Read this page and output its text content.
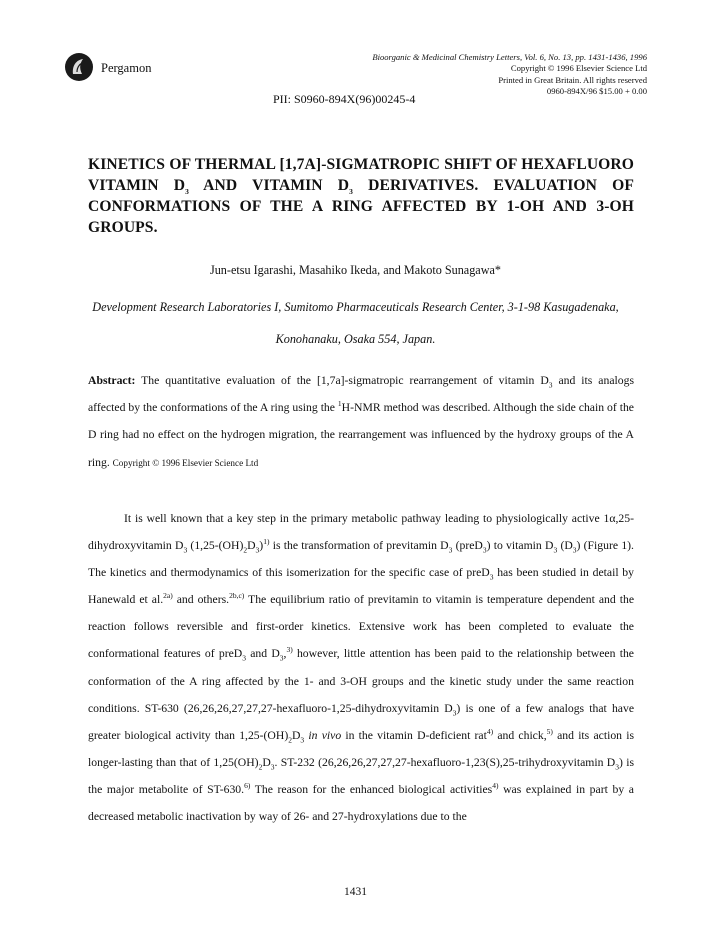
Pergamon
Bioorganic & Medicinal Chemistry Letters, Vol. 6, No. 13, pp. 1431-1436, 1996
Copyright © 1996 Elsevier Science Ltd
Printed in Great Britain. All rights reserved
0960-894X/96 $15.00 + 0.00
PII: S0960-894X(96)00245-4
KINETICS OF THERMAL [1,7A]-SIGMATROPIC SHIFT OF HEXAFLUORO VITAMIN $D_3$ AND VITAMIN $D_3$ DERIVATIVES. EVALUATION OF CONFORMATIONS OF THE A RING AFFECTED BY 1-OH AND 3-OH GROUPS.
Jun-etsu Igarashi, Masahiko Ikeda, and Makoto Sunagawa*
Development Research Laboratories I, Sumitomo Pharmaceuticals Research Center, 3-1-98 Kasugadenaka,
Konohanaku, Osaka 554, Japan.
Abstract: The quantitative evaluation of the [1,7a]-sigmatropic rearrangement of vitamin $D_3$ and its analogs affected by the conformations of the A ring using the $^1$H-NMR method was described. Although the side chain of the D ring had no effect on the hydrogen migration, the rearrangement was influenced by the hydroxy groups of the A ring. Copyright © 1996 Elsevier Science Ltd
It is well known that a key step in the primary metabolic pathway leading to physiologically active 1α,25-dihydroxyvitamin $D_3$ $(1,25-(OH)_2D_3)^{1)}$ is the transformation of previtamin $D_3$ (preD$_3$) to vitamin $D_3$ $(D_3)$ (Figure 1). The kinetics and thermodynamics of this isomerization for the specific case of preD$_3$ has been studied in detail by Hanewald et al.$^{2a)}$ and others.$^{2b,c)}$ The equilibrium ratio of previtamin to vitamin is temperature dependent and the reaction follows reversible and first-order kinetics. Extensive work has been completed to evaluate the conformational features of preD$_3$ and $D_3,^{3)}$ however, little attention has been paid to the relationship between the conformation of the A ring affected by the 1- and 3-OH groups and the kinetic study under the same reaction conditions. ST-630 (26,26,26,27,27,27-hexafluoro-1,25-dihydroxyvitamin $D_3$) is one of a few analogs that have greater biological activity than $1,25-(OH)_2D_3$ in vivo in the vitamin D-deficient rat$^{4)}$ and chick,$^{5)}$ and its action is longer-lasting than that of $1,25(OH)_2D_3$. ST-232 (26,26,26,27,27,27-hexafluoro-1,23(S),25-trihydroxyvitamin $D_3$) is the major metabolite of ST-630.$^{6)}$ The reason for the enhanced biological activities$^{4)}$ was explained in part by a decreased metabolic inactivation by way of 26- and 27-hydroxylations due to the
1431
